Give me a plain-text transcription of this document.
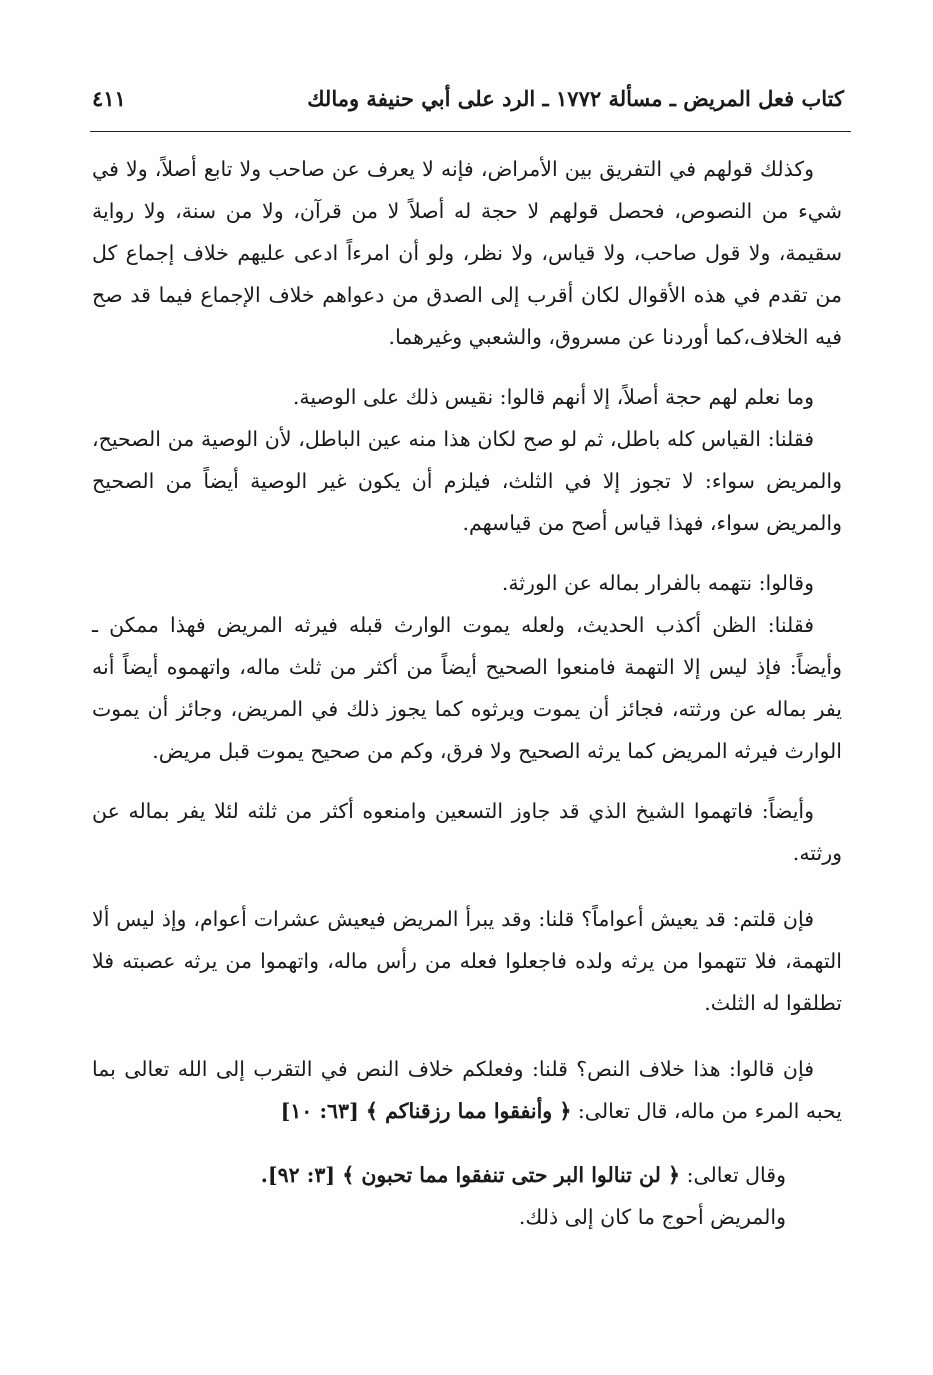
كتاب فعل المريض ـ مسألة ١٧٧٢ ـ الرد على أبي حنيفة ومالك
٤١١

وكذلك قولهم في التفريق بين الأمراض، فإنه لا يعرف عن صاحب ولا تابع أصلاً، ولا في شيء من النصوص، فحصل قولهم لا حجة له أصلاً لا من قرآن، ولا من سنة، ولا رواية سقيمة، ولا قول صاحب، ولا قياس، ولا نظر، ولو أن امرءاً ادعى عليهم خلاف إجماع كل من تقدم في هذه الأقوال لكان أقرب إلى الصدق من دعواهم خلاف الإجماع فيما قد صح فيه الخلاف،كما أوردنا عن مسروق، والشعبي وغيرهما.

وما نعلم لهم حجة أصلاً، إلا أنهم قالوا: نقيس ذلك على الوصية.

فقلنا: القياس كله باطل، ثم لو صح لكان هذا منه عين الباطل، لأن الوصية من الصحيح، والمريض سواء: لا تجوز إلا في الثلث، فيلزم أن يكون غير الوصية أيضاً من الصحيح والمريض سواء، فهذا قياس أصح من قياسهم.

وقالوا: نتهمه بالفرار بماله عن الورثة.

فقلنا: الظن أكذب الحديث، ولعله يموت الوارث قبله فيرثه المريض فهذا ممكن ـ وأيضاً: فإذ ليس إلا التهمة فامنعوا الصحيح أيضاً من أكثر من ثلث ماله، واتهموه أيضاً أنه يفر بماله عن ورثته، فجائز أن يموت ويرثوه كما يجوز ذلك في المريض، وجائز أن يموت الوارث فيرثه المريض كما يرثه الصحيح ولا فرق، وكم من صحيح يموت قبل مريض.

وأيضاً: فاتهموا الشيخ الذي قد جاوز التسعين وامنعوه أكثر من ثلثه لئلا يفر بماله عن ورثته.

فإن قلتم: قد يعيش أعواماً؟ قلنا: وقد يبرأ المريض فيعيش عشرات أعوام، وإذ ليس ألا التهمة، فلا تتهموا من يرثه ولده فاجعلوا فعله من رأس ماله، واتهموا من يرثه عصبته فلا تطلقوا له الثلث.

فإن قالوا: هذا خلاف النص؟ قلنا: وفعلكم خلاف النص في التقرب إلى الله تعالى بما يحبه المرء من ماله، قال تعالى: ﴿ وأنفقوا مما رزقناكم ﴾ [٦٣: ١٠]

وقال تعالى: ﴿ لن تنالوا البر حتى تنفقوا مما تحبون ﴾ [٣: ٩٢].

والمريض أحوج ما كان إلى ذلك.
